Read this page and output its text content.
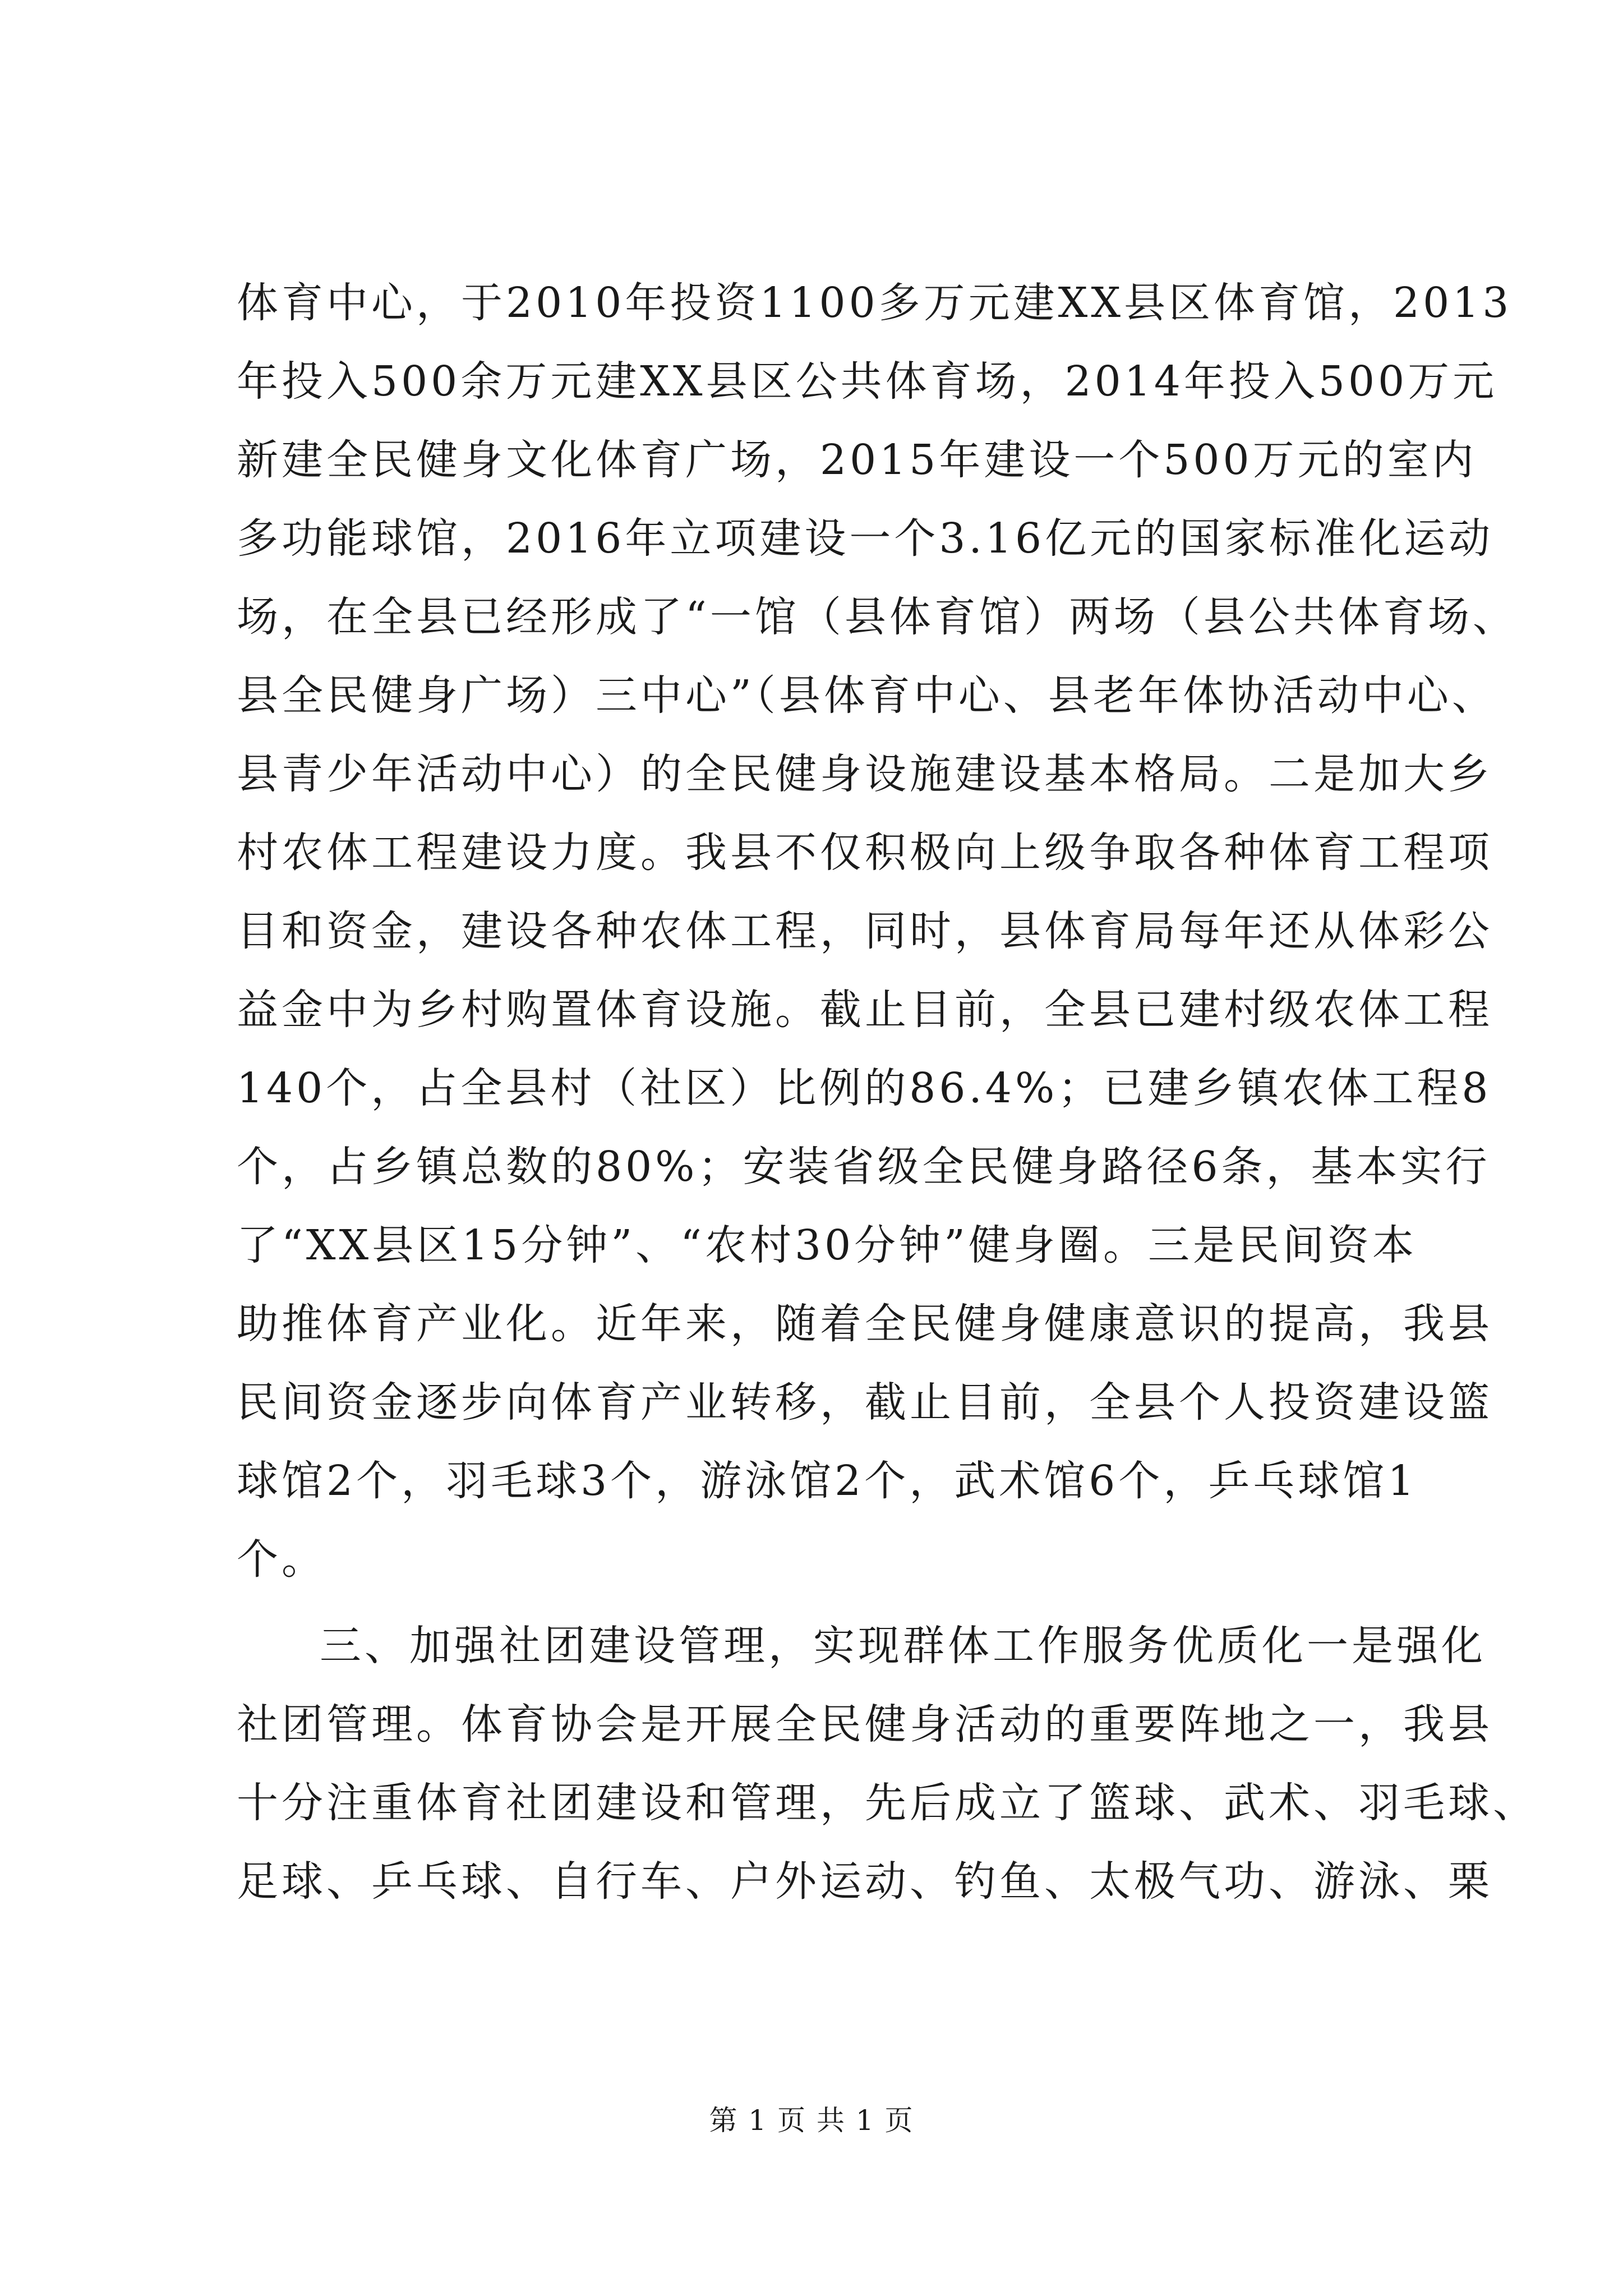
体育中心，于2010年投资1100多万元建XX县区体育馆，2013
年投入500余万元建XX县区公共体育场，2014年投入500万元
新建全民健身文化体育广场，2015年建设一个500万元的室内
多功能球馆，2016年立项建设一个3.16亿元的国家标准化运动
场，在全县已经形成了“一馆（县体育馆）两场（县公共体育场、
县全民健身广场）三中心”（县体育中心、县老年体协活动中心、
县青少年活动中心）的全民健身设施建设基本格局。二是加大乡
村农体工程建设力度。我县不仅积极向上级争取各种体育工程项
目和资金，建设各种农体工程，同时，县体育局每年还从体彩公
益金中为乡村购置体育设施。截止目前，全县已建村级农体工程
140个，占全县村（社区）比例的86.4%；已建乡镇农体工程8
个，占乡镇总数的80%；安装省级全民健身路径6条，基本实行
了“XX县区15分钟”、“农村30分钟”健身圈。三是民间资本
助推体育产业化。近年来，随着全民健身健康意识的提高，我县
民间资金逐步向体育产业转移，截止目前，全县个人投资建设篮
球馆2个，羽毛球3个，游泳馆2个，武术馆6个，乒乓球馆1
个。
三、加强社团建设管理，实现群体工作服务优质化一是强化
社团管理。体育协会是开展全民健身活动的重要阵地之一，我县
十分注重体育社团建设和管理，先后成立了篮球、武术、羽毛球、
足球、乒乓球、自行车、户外运动、钓鱼、太极气功、游泳、栗
第 1 页 共 1 页
